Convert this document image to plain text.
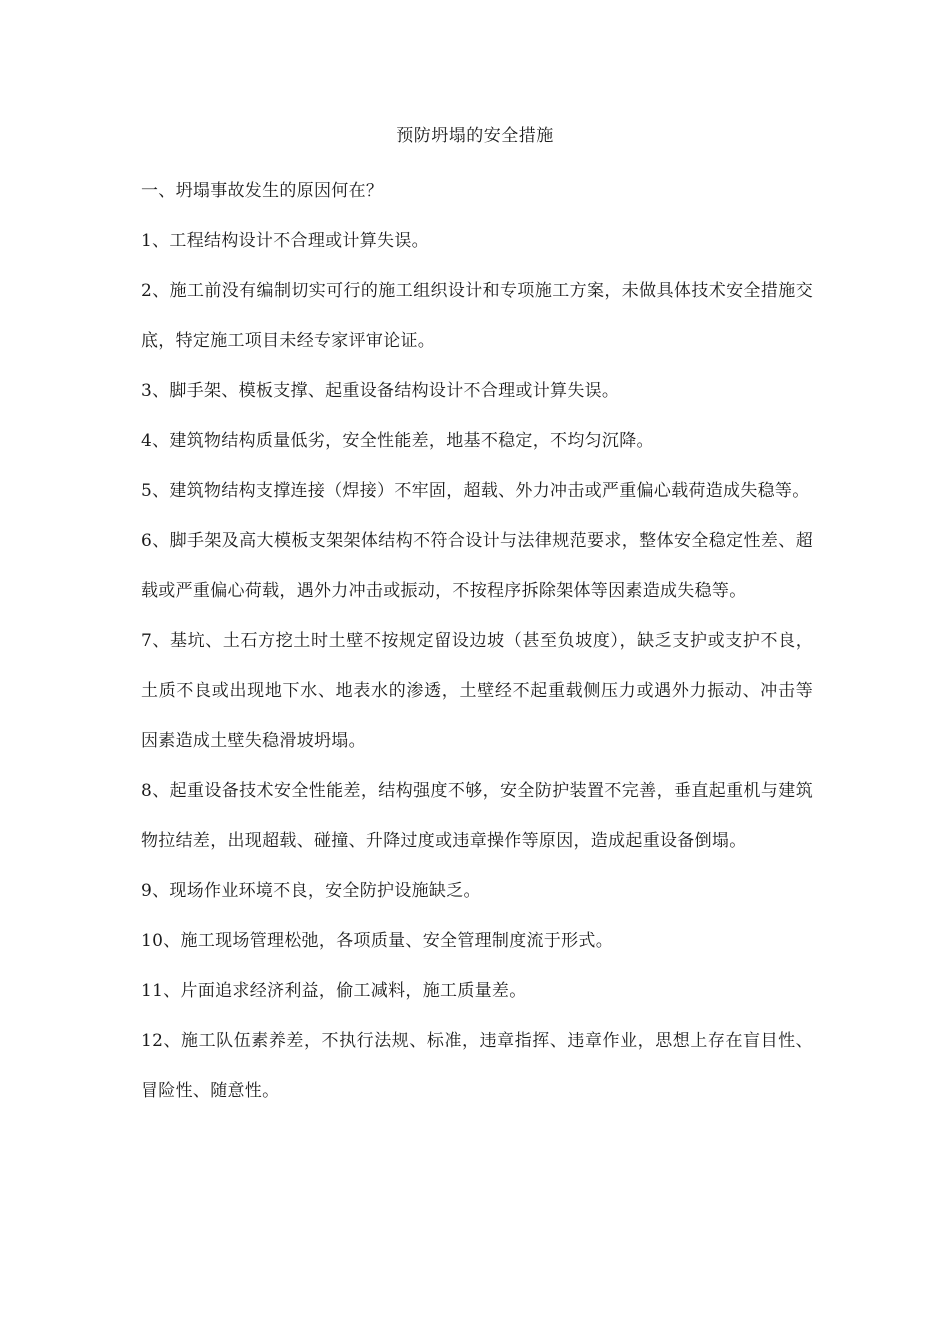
预防坍塌的安全措施

一、坍塌事故发生的原因何在？

1、工程结构设计不合理或计算失误。

2、施工前没有编制切实可行的施工组织设计和专项施工方案，未做具体技术安全措施交底，特定施工项目未经专家评审论证。

3、脚手架、模板支撑、起重设备结构设计不合理或计算失误。

4、建筑物结构质量低劣，安全性能差，地基不稳定，不均匀沉降。

5、建筑物结构支撑连接（焊接）不牢固，超载、外力冲击或严重偏心载荷造成失稳等。

6、脚手架及高大模板支架架体结构不符合设计与法律规范要求，整体安全稳定性差、超载或严重偏心荷载，遇外力冲击或振动，不按程序拆除架体等因素造成失稳等。

7、基坑、土石方挖土时土壁不按规定留设边坡（甚至负坡度），缺乏支护或支护不良，土质不良或出现地下水、地表水的渗透，土壁经不起重载侧压力或遇外力振动、冲击等因素造成土壁失稳滑坡坍塌。

8、起重设备技术安全性能差，结构强度不够，安全防护装置不完善，垂直起重机与建筑物拉结差，出现超载、碰撞、升降过度或违章操作等原因，造成起重设备倒塌。

9、现场作业环境不良，安全防护设施缺乏。

10、施工现场管理松弛，各项质量、安全管理制度流于形式。

11、片面追求经济利益，偷工减料，施工质量差。

12、施工队伍素养差，不执行法规、标准，违章指挥、违章作业，思想上存在盲目性、冒险性、随意性。
